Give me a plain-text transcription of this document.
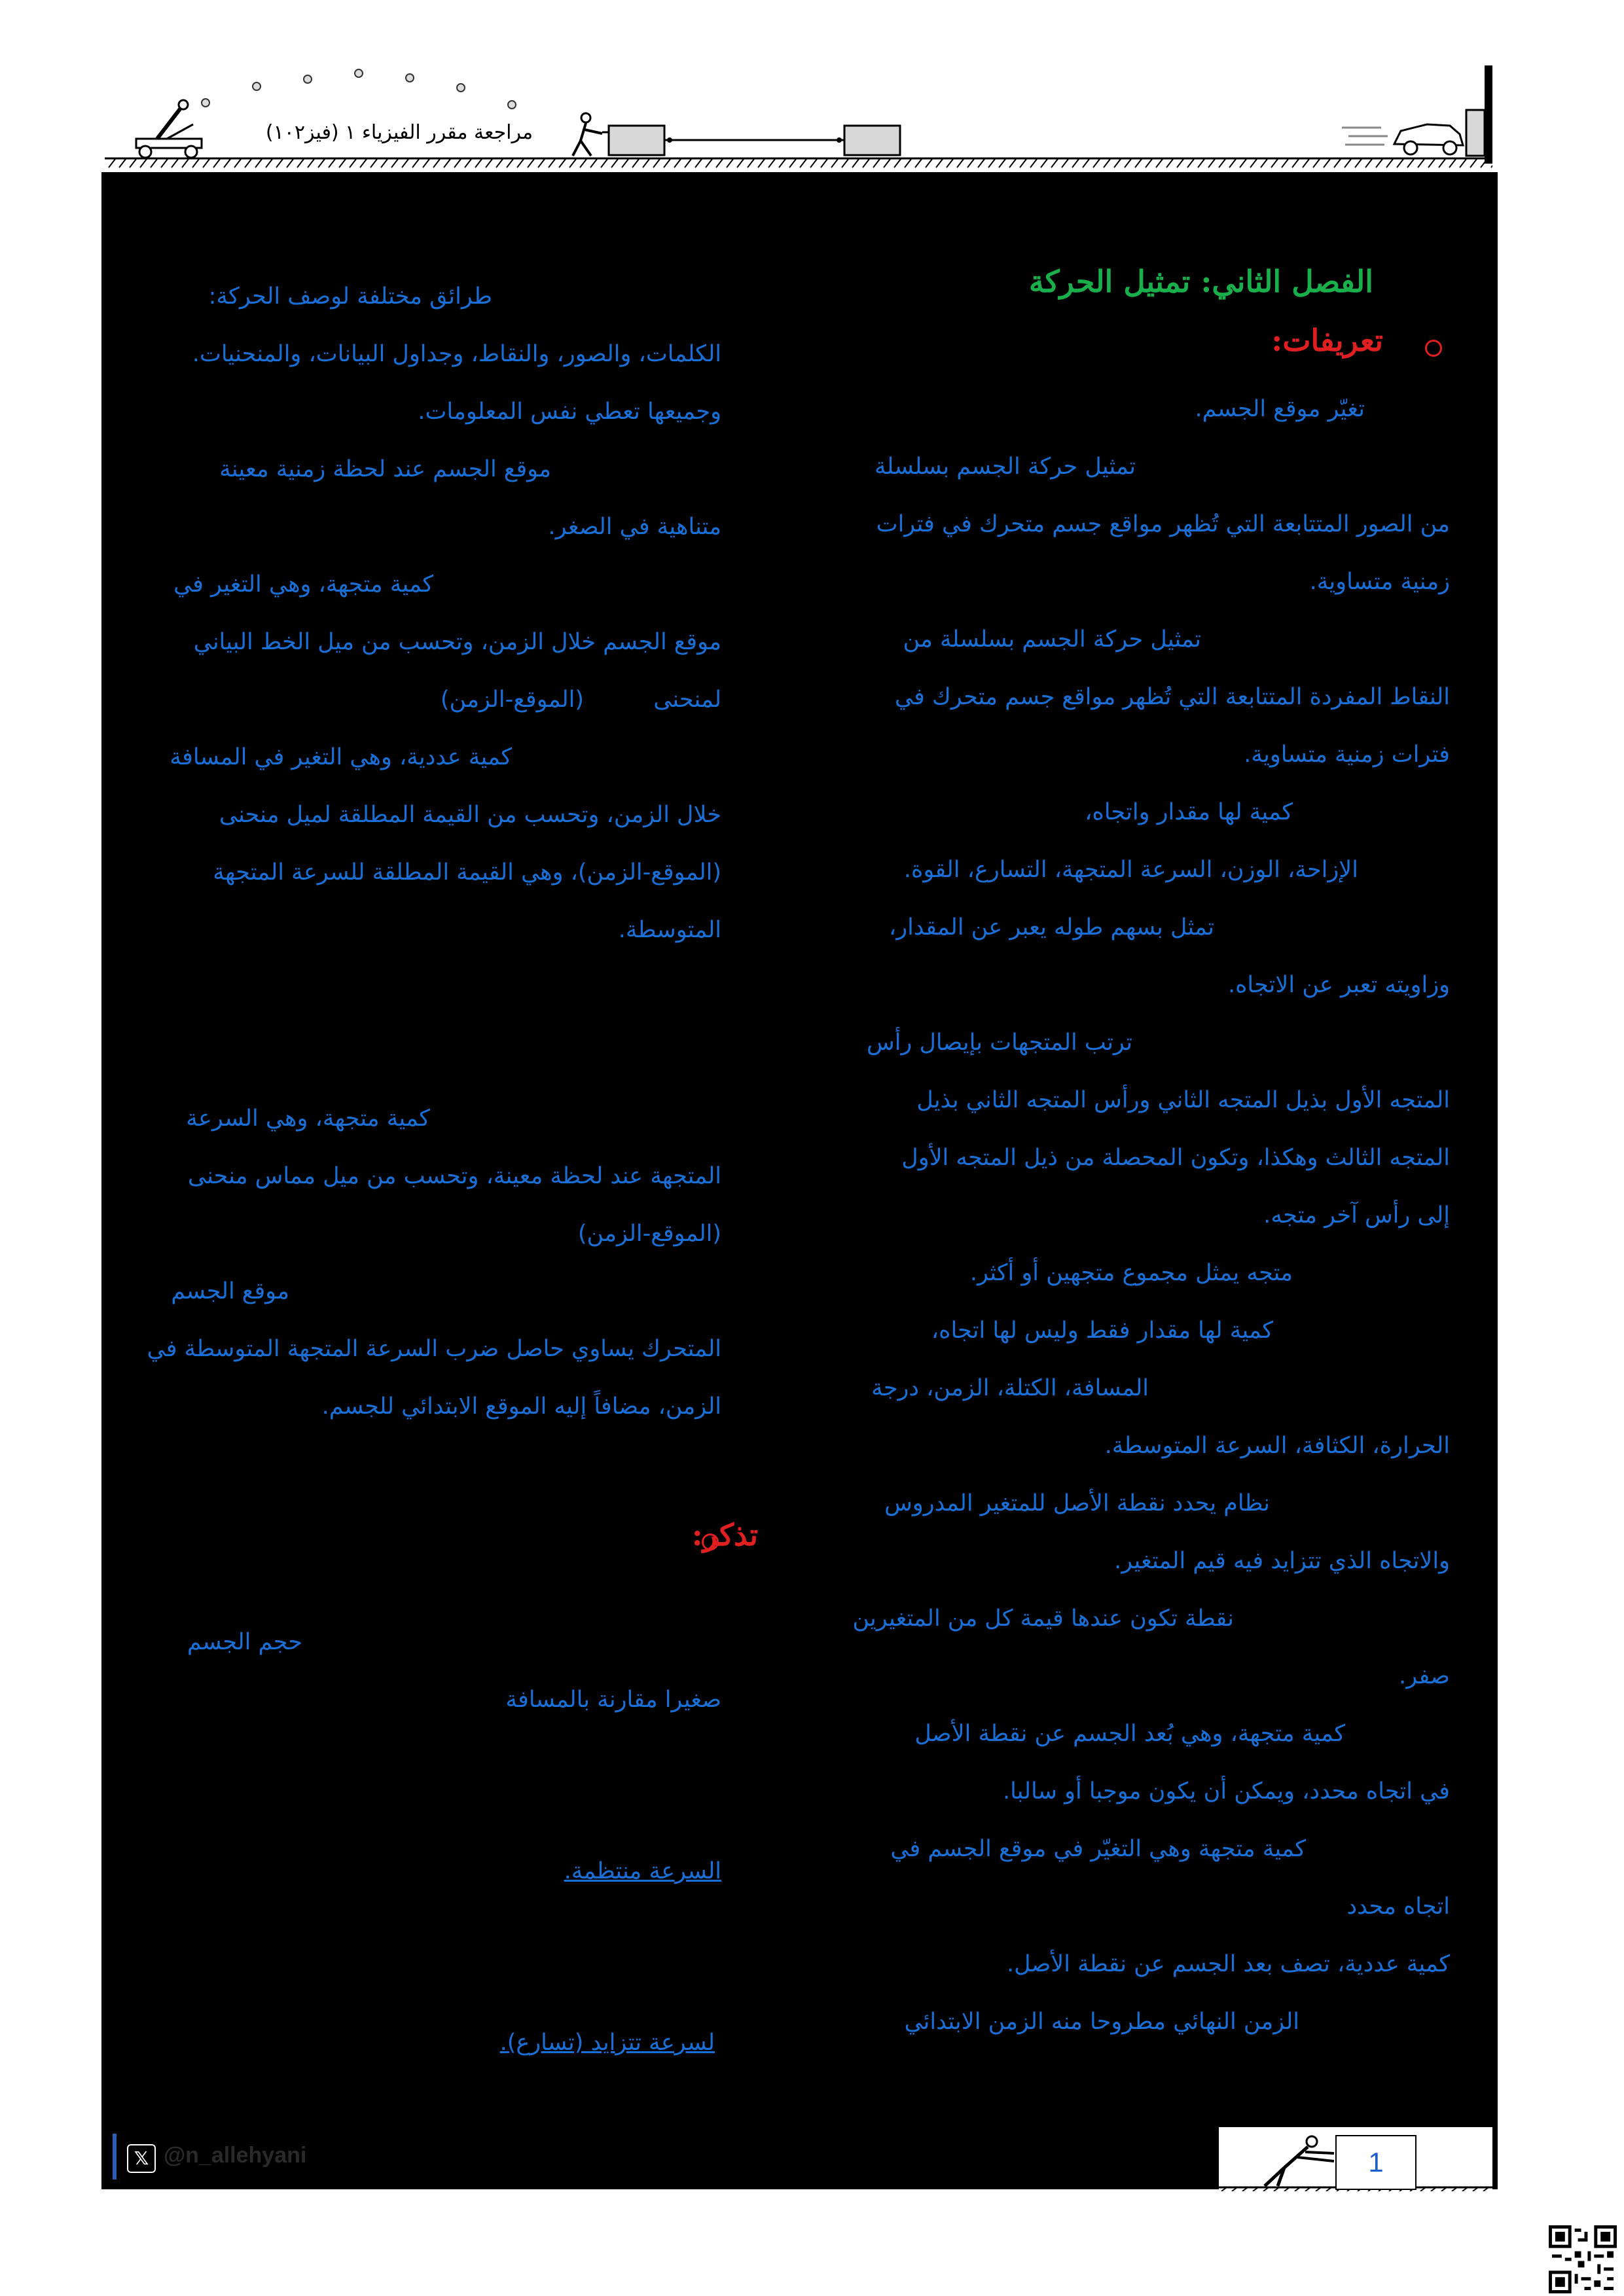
مراجعة مقرر الفيزياء ١ (فيز١٠٢)
الفصل الثاني: تمثيل الحركة
تعريفات:
تغيّر موقع الجسم.
تمثيل حركة الجسم بسلسلة
من الصور المتتابعة التي تُظهر مواقع جسم متحرك في فترات
زمنية متساوية.
تمثيل حركة الجسم بسلسلة من
النقاط المفردة المتتابعة التي تُظهر مواقع جسم متحرك في
فترات زمنية متساوية.
كمية لها مقدار واتجاه،
الإزاحة، الوزن، السرعة المتجهة، التسارع، القوة.
تمثل بسهم طوله يعبر عن المقدار،
وزاويته تعبر عن الاتجاه.
ترتب المتجهات بإيصال رأس
المتجه الأول بذيل المتجه الثاني ورأس المتجه الثاني بذيل
المتجه الثالث وهكذا، وتكون المحصلة من ذيل المتجه الأول
إلى رأس آخر متجه.
متجه يمثل مجموع متجهين أو أكثر.
كمية لها مقدار فقط وليس لها اتجاه،
المسافة، الكتلة، الزمن، درجة
الحرارة، الكثافة، السرعة المتوسطة.
نظام يحدد نقطة الأصل للمتغير المدروس
والاتجاه الذي تتزايد فيه قيم المتغير.
نقطة تكون عندها قيمة كل من المتغيرين
صفر.
كمية متجهة، وهي بُعد الجسم عن نقطة الأصل
في اتجاه محدد، ويمكن أن يكون موجبا أو سالبا.
كمية متجهة وهي التغيّر في موقع الجسم في
اتجاه محدد
كمية عددية، تصف بعد الجسم عن نقطة الأصل.
الزمن النهائي مطروحا منه الزمن الابتدائي
طرائق مختلفة لوصف الحركة:
الكلمات، والصور، والنقاط، وجداول البيانات، والمنحنيات.
وجميعها تعطي نفس المعلومات.
موقع الجسم عند لحظة زمنية معينة
متناهية في الصغر.
كمية متجهة، وهي التغير في
موقع الجسم خلال الزمن، وتحسب من ميل الخط البياني
لمنحنى
(الموقع-الزمن)
كمية عددية، وهي التغير في المسافة
خلال الزمن، وتحسب من القيمة المطلقة لميل منحنى
(الموقع-الزمن)، وهي القيمة المطلقة للسرعة المتجهة
المتوسطة.
كمية متجهة، وهي السرعة
المتجهة عند لحظة معينة، وتحسب من ميل مماس منحنى
(الموقع-الزمن)
موقع الجسم
المتحرك يساوي حاصل ضرب السرعة المتجهة المتوسطة في
الزمن، مضافاً إليه الموقع الابتدائي للجسم.
حجم الجسم
صغيرا مقارنة بالمسافة
السرعة منتظمة.
لسرعة تتزايد (تسارع).
تذكر:
𝕏 @n_allehyani	1
